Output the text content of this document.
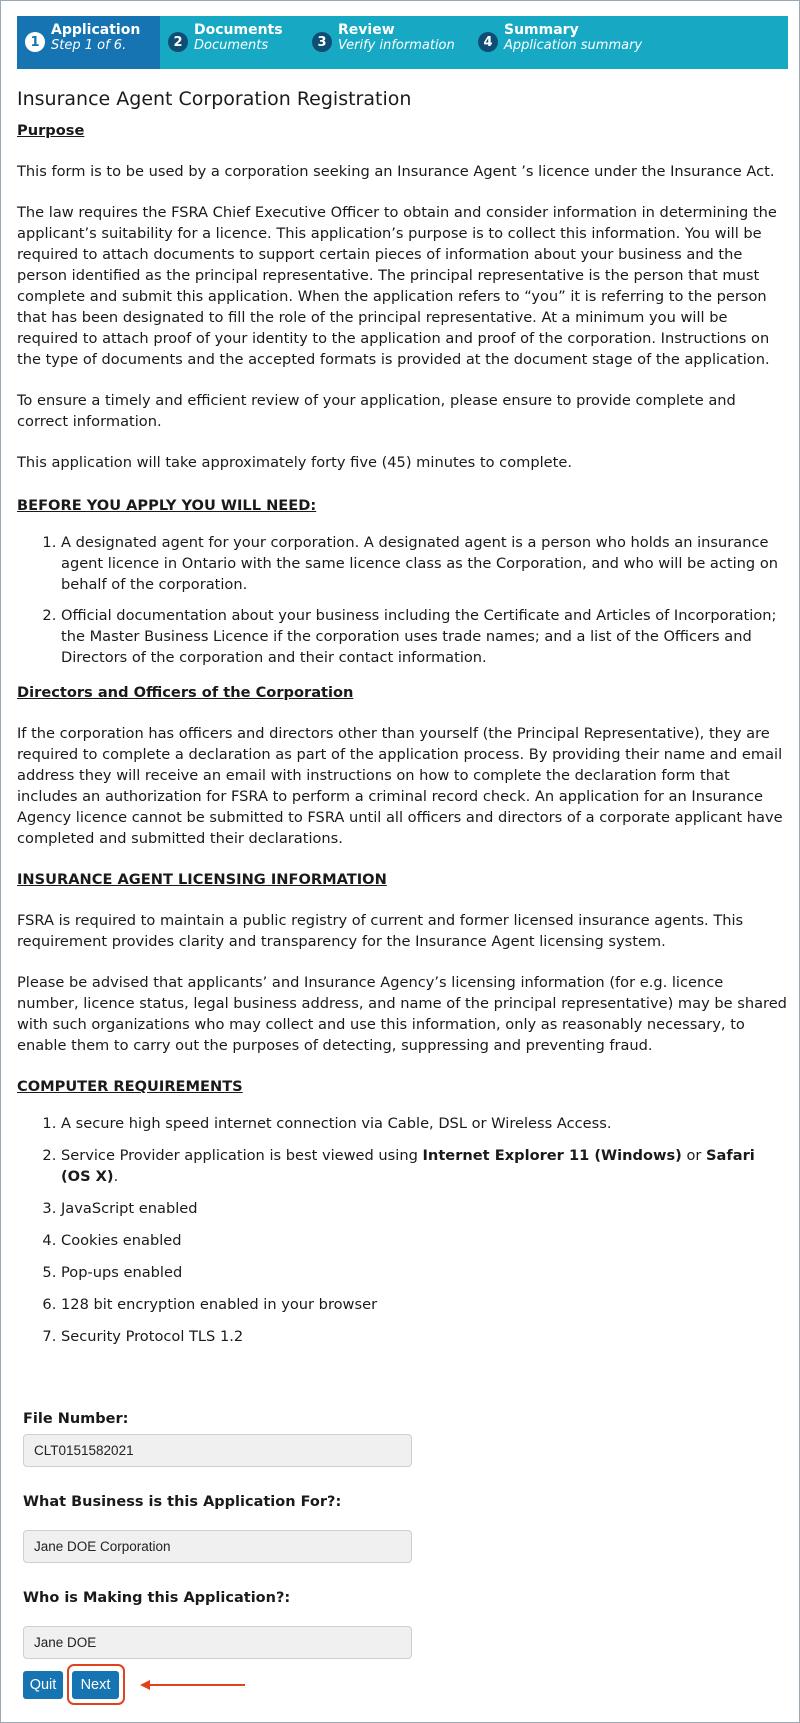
1
Application
Step 1 of 6.	2
Documents
Documents	3
Review
Verify information	4
Summary
Application summary
Insurance Agent Corporation Registration

Purpose

This form is to be used by a corporation seeking an Insurance Agent ’s licence under the Insurance Act.

The law requires the FSRA Chief Executive Officer to obtain and consider information in determining the applicant’s suitability for a licence. This application’s purpose is to collect this information. You will be required to attach documents to support certain pieces of information about your business and the person identified as the principal representative. The principal representative is the person that must complete and submit this application. When the application refers to “you” it is referring to the person that has been designated to fill the role of the principal representative. At a minimum you will be required to attach proof of your identity to the application and proof of the corporation. Instructions on the type of documents and the accepted formats is provided at the document stage of the application.

To ensure a timely and efficient review of your application, please ensure to provide complete and correct information.

This application will take approximately forty five (45) minutes to complete.

BEFORE YOU APPLY YOU WILL NEED:

1. A designated agent for your corporation. A designated agent is a person who holds an insurance agent licence in Ontario with the same licence class as the Corporation, and who will be acting on behalf of the corporation.
2. Official documentation about your business including the Certificate and Articles of Incorporation; the Master Business Licence if the corporation uses trade names; and a list of the Officers and Directors of the corporation and their contact information.

Directors and Officers of the Corporation

If the corporation has officers and directors other than yourself (the Principal Representative), they are required to complete a declaration as part of the application process. By providing their name and email address they will receive an email with instructions on how to complete the declaration form that includes an authorization for FSRA to perform a criminal record check. An application for an Insurance Agency licence cannot be submitted to FSRA until all officers and directors of a corporate applicant have completed and submitted their declarations.

INSURANCE AGENT LICENSING INFORMATION

FSRA is required to maintain a public registry of current and former licensed insurance agents. This requirement provides clarity and transparency for the Insurance Agent licensing system.

Please be advised that applicants’ and Insurance Agency’s licensing information (for e.g. licence number, licence status, legal business address, and name of the principal representative) may be shared with such organizations who may collect and use this information, only as reasonably necessary, to enable them to carry out the purposes of detecting, suppressing and preventing fraud.

COMPUTER REQUIREMENTS

1. A secure high speed internet connection via Cable, DSL or Wireless Access.
2. Service Provider application is best viewed using Internet Explorer 11 (Windows) or Safari (OS X).
3. JavaScript enabled
4. Cookies enabled
5. Pop-ups enabled
6. 128 bit encryption enabled in your browser
7. Security Protocol TLS 1.2

File Number:

CLT0151582021

What Business is this Application For?:

Jane DOE Corporation

Who is Making this Application?:

Jane DOE
Quit	Next
